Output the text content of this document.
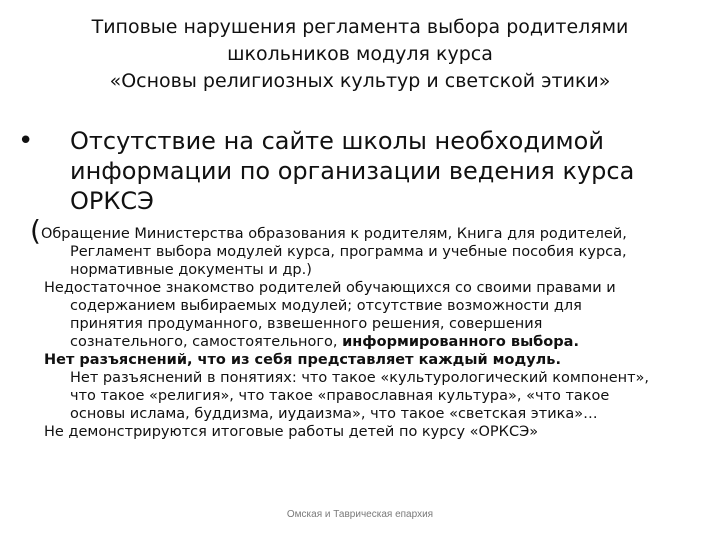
Типовые нарушения регламента выбора родителями
школьников модуля курса
«Основы религиозных культур и светской этики»
• Отсутствие на сайте школы необходимой
информации по организации ведения курса
ОРКСЭ
(Обращение Министерства образования к родителям, Книга для родителей,
Регламент выбора модулей курса, программа и учебные пособия курса,
нормативные документы и др.)
Недостаточное знакомство родителей обучающихся со своими правами и
содержанием выбираемых модулей; отсутствие возможности для
принятия продуманного, взвешенного решения, совершения
сознательного, самостоятельного, информированного выбора.
Нет разъяснений, что из себя представляет каждый модуль.
Нет разъяснений в понятиях: что такое «культурологический компонент»,
что такое «религия», что такое «православная культура», «что такое
основы ислама, буддизма, иудаизма», что такое «светская этика»…
Не демонстрируются итоговые работы детей по курсу «ОРКСЭ»
Омская и Таврическая епархия
